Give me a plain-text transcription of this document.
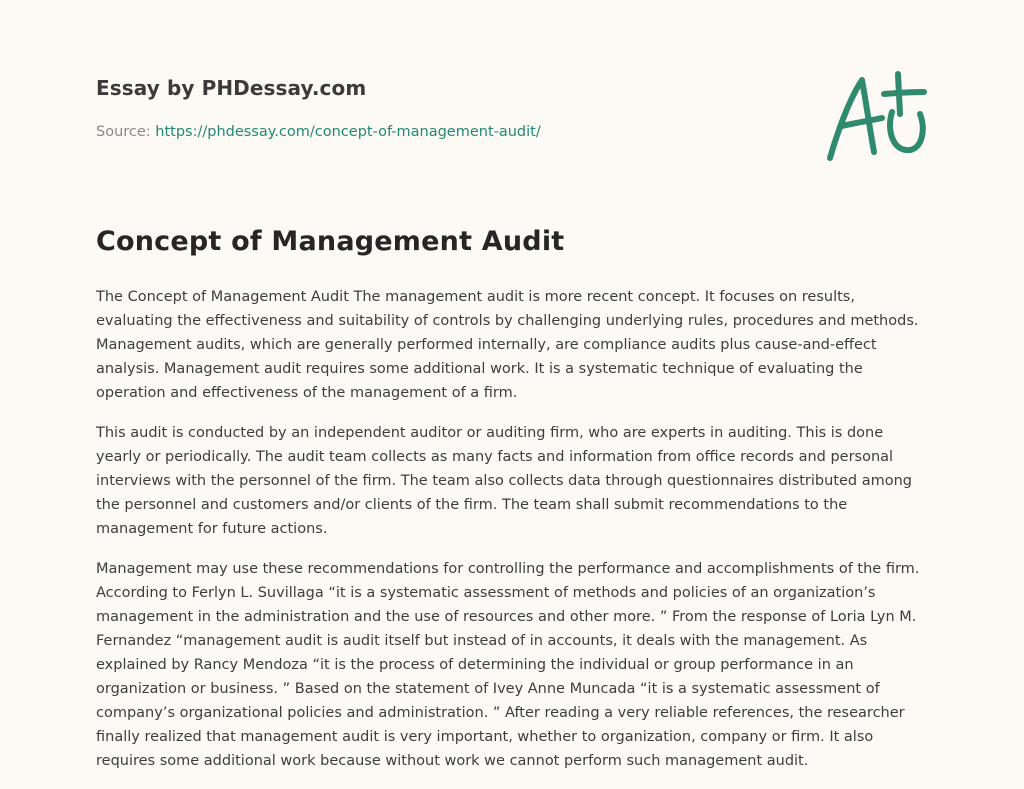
Essay by PHDessay.com
Source: https://phdessay.com/concept-of-management-audit/
Concept of Management Audit

The Concept of Management Audit The management audit is more recent concept. It focuses on results, evaluating the effectiveness and suitability of controls by challenging underlying rules, procedures and methods. Management audits, which are generally performed internally, are compliance audits plus cause-and-effect analysis. Management audit requires some additional work. It is a systematic technique of evaluating the operation and effectiveness of the management of a firm.

This audit is conducted by an independent auditor or auditing firm, who are experts in auditing. This is done yearly or periodically. The audit team collects as many facts and information from office records and personal interviews with the personnel of the firm. The team also collects data through questionnaires distributed among the personnel and customers and/or clients of the firm. The team shall submit recommendations to the management for future actions.

Management may use these recommendations for controlling the performance and accomplishments of the firm. According to Ferlyn L. Suvillaga “it is a systematic assessment of methods and policies of an organization’s management in the administration and the use of resources and other more. ” From the response of Loria Lyn M. Fernandez “management audit is audit itself but instead of in accounts, it deals with the management. As explained by Rancy Mendoza “it is the process of determining the individual or group performance in an organization or business. ” Based on the statement of Ivey Anne Muncada “it is a systematic assessment of company’s organizational policies and administration. ” After reading a very reliable references, the researcher finally realized that management audit is very important, whether to organization, company or firm. It also requires some additional work because without work we cannot perform such management audit.
